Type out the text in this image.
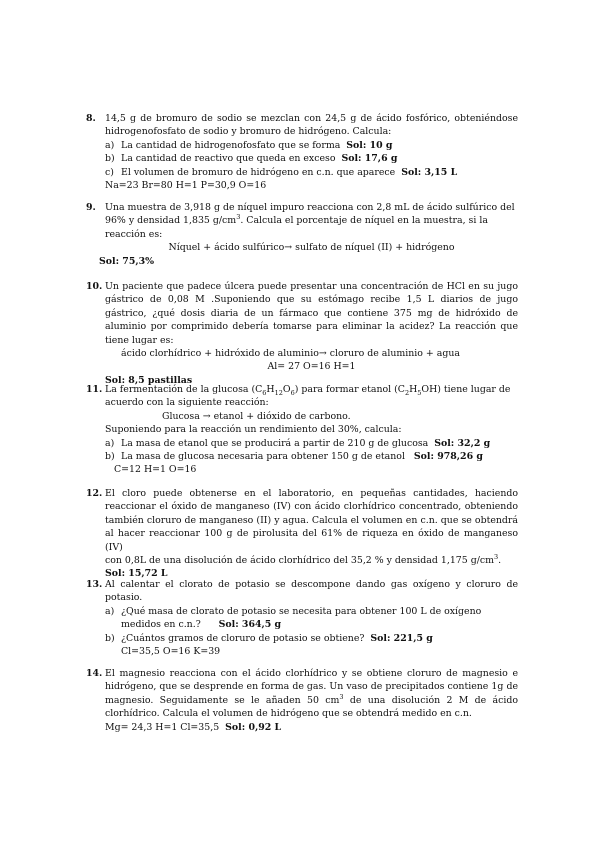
8. 14,5 g de bromuro de sodio se mezclan con 24,5 g de ácido fosfórico, obteniéndose hidrogenofosfato de sodio y bromuro de hidrógeno. Calcula:
a) La cantidad de hidrogenofosfato que se forma
Sol: 10 g
b) La cantidad de reactivo que queda en exceso
Sol: 17,6 g
c) El volumen de bromuro de hidrógeno en c.n. que aparece
Sol: 3,15 L
Na=23 Br=80 H=1 P=30,9 O=16
9. Una muestra de 3,918 g de níquel impuro reacciona con 2,8 mL de ácido sulfúrico del
96% y densidad 1,835 $g/cm^3$. Calcula el porcentaje de níquel en la muestra, si la
reacción es:
Níquel + ácido sulfúrico→ sulfato de níquel (II) + hidrógeno
Sol: 75,3%
10. Un paciente que padece úlcera puede presentar una concentración de HCl en su jugo gástrico de 0,08 M .Suponiendo que su estómago recibe 1,5 L diarios de jugo gástrico, ¿qué dosis diaria de un fármaco que contiene 375 mg de hidróxido de aluminio por comprimido debería tomarse para eliminar la acidez? La reacción que tiene lugar es:
ácido clorhídrico + hidróxido de aluminio→ cloruro de aluminio + agua
Al= 27 O=16 H=1
Sol: 8,5 pastillas
11. La fermentación de la glucosa $(C_6H_{12}O_6)$ para formar etanol $(C_2H_5OH)$ tiene lugar de
acuerdo con la siguiente reacción:
Glucosa → etanol + dióxido de carbono.
Suponiendo para la reacción un rendimiento del 30%, calcula:
a) La masa de etanol que se producirá a partir de 210 g de glucosa
Sol: 32,2 g
b) La masa de glucosa necesaria para obtener 150 g de etanol
Sol: 978,26 g
C=12 H=1 O=16
12. El cloro puede obtenerse en el laboratorio, en pequeñas cantidades, haciendo reaccionar el óxido de manganeso (IV) con ácido clorhídrico concentrado, obteniendo también cloruro de manganeso (II) y agua. Calcula el volumen en c.n. que se obtendrá al hacer reaccionar 100 g de pirolusita del 61% de riqueza en óxido de manganeso (IV)
con 0,8L de una disolución de ácido clorhídrico del 35,2 % y densidad 1,175 $g/cm^3$.
Sol: 15,72 L
13. Al calentar el clorato de potasio se descompone dando gas oxígeno y cloruro de potasio.
a) ¿Qué masa de clorato de potasio se necesita para obtener 100 L de oxígeno
medidos en c.n.? Sol: 364,5 g
b) ¿Cuántos gramos de cloruro de potasio se obtiene?
Sol: 221,5 g
Cl=35,5 O=16 K=39
14. El magnesio reacciona con el ácido clorhídrico y se obtiene cloruro de magnesio e hidrógeno, que se desprende en forma de gas. Un vaso de precipitados contiene 1g de magnesio. Seguidamente se le añaden 50 $cm^3$ de una disolución 2 M de ácido clorhídrico. Calcula el volumen de hidrógeno que se obtendrá medido en c.n.
Mg= 24,3 H=1 Cl=35,5 Sol: 0,92 L
